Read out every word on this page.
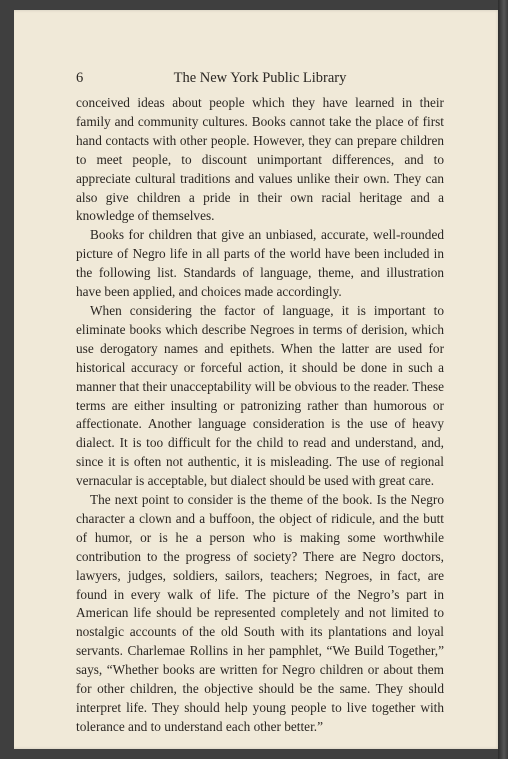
6	The New York Public Library

conceived ideas about people which they have learned in their family and community cultures. Books cannot take the place of first hand contacts with other people. However, they can prepare children to meet people, to discount unimportant differences, and to appreciate cultural traditions and values unlike their own. They can also give children a pride in their own racial heritage and a knowledge of themselves.

Books for children that give an unbiased, accurate, well-rounded picture of Negro life in all parts of the world have been included in the following list. Standards of language, theme, and illustration have been applied, and choices made accordingly.

When considering the factor of language, it is important to eliminate books which describe Negroes in terms of derision, which use derogatory names and epithets. When the latter are used for historical accuracy or forceful action, it should be done in such a manner that their unacceptability will be obvious to the reader. These terms are either insulting or patronizing rather than humorous or affectionate. Another language consideration is the use of heavy dialect. It is too difficult for the child to read and understand, and, since it is often not authentic, it is misleading. The use of regional vernacular is acceptable, but dialect should be used with great care.

The next point to consider is the theme of the book. Is the Negro character a clown and a buffoon, the object of ridicule, and the butt of humor, or is he a person who is making some worthwhile contribution to the progress of society? There are Negro doctors, lawyers, judges, soldiers, sailors, teachers; Negroes, in fact, are found in every walk of life. The picture of the Negro’s part in American life should be represented completely and not limited to nostalgic accounts of the old South with its plantations and loyal servants. Charlemae Rollins in her pamphlet, “We Build Together,” says, “Whether books are written for Negro children or about them for other children, the objective should be the same. They should interpret life. They should help young people to live together with tolerance and to understand each other better.”
